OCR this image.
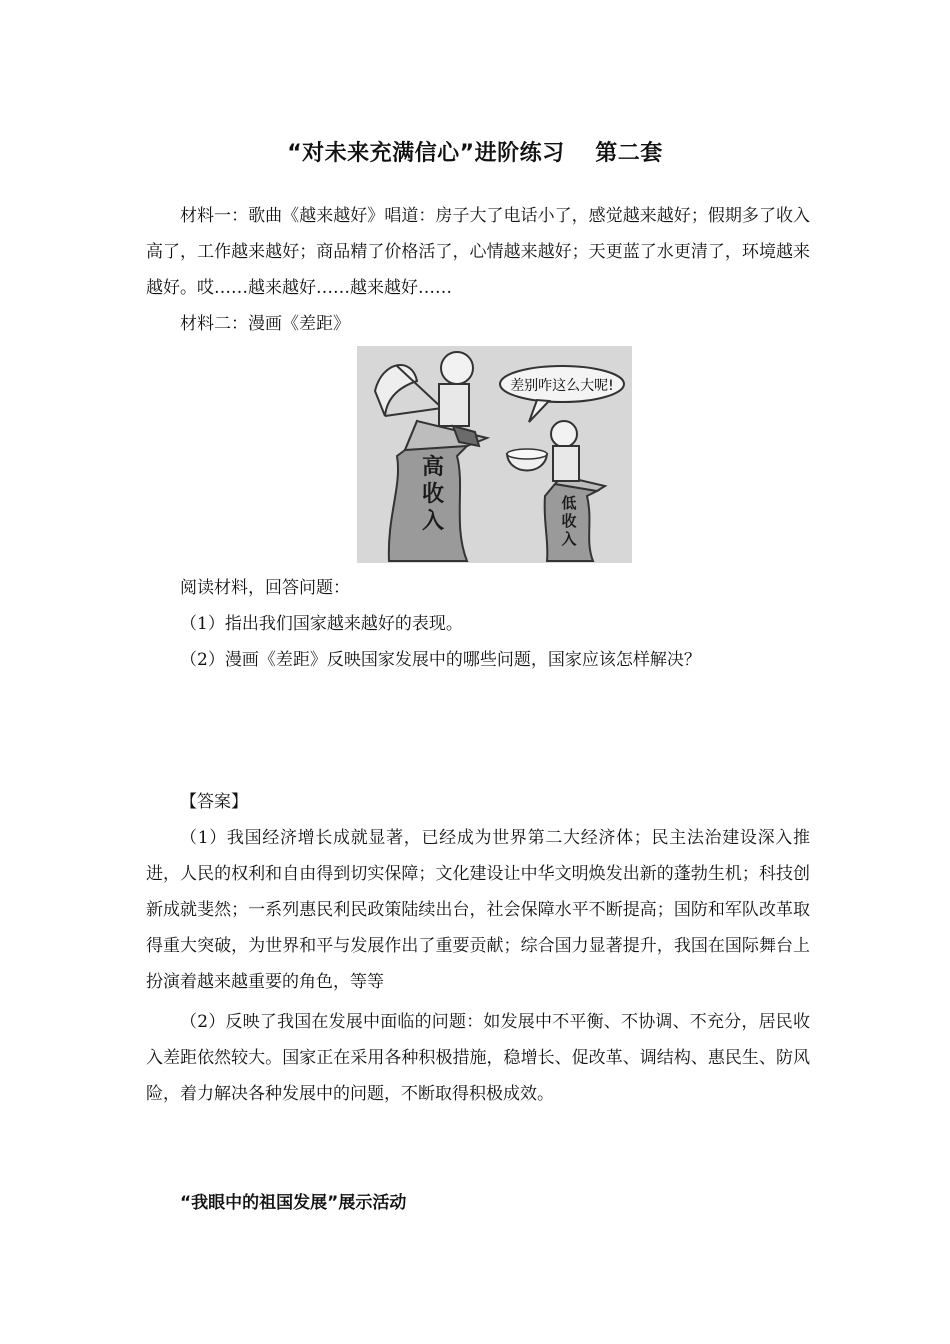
“对未来充满信心”进阶练习　 第二套

材料一：歌曲《越来越好》唱道：房子大了电话小了，感觉越来越好；假期多了收入高了，工作越来越好；商品精了价格活了，心情越来越好；天更蓝了水更清了，环境越来越好。哎……越来越好……越来越好……

材料二：漫画《差距》

差别咋这么大呢!
高
收
入
低
收
入

阅读材料，回答问题：

（1）指出我们国家越来越好的表现。

（2）漫画《差距》反映国家发展中的哪些问题，国家应该怎样解决？

【答案】

（1）我国经济增长成就显著，已经成为世界第二大经济体；民主法治建设深入推进，人民的权利和自由得到切实保障；文化建设让中华文明焕发出新的蓬勃生机；科技创新成就斐然；一系列惠民利民政策陆续出台，社会保障水平不断提高；国防和军队改革取得重大突破，为世界和平与发展作出了重要贡献；综合国力显著提升，我国在国际舞台上扮演着越来越重要的角色，等等

（2）反映了我国在发展中面临的问题：如发展中不平衡、不协调、不充分，居民收入差距依然较大。国家正在采用各种积极措施，稳增长、促改革、调结构、惠民生、防风险，着力解决各种发展中的问题，不断取得积极成效。

“我眼中的祖国发展”展示活动
